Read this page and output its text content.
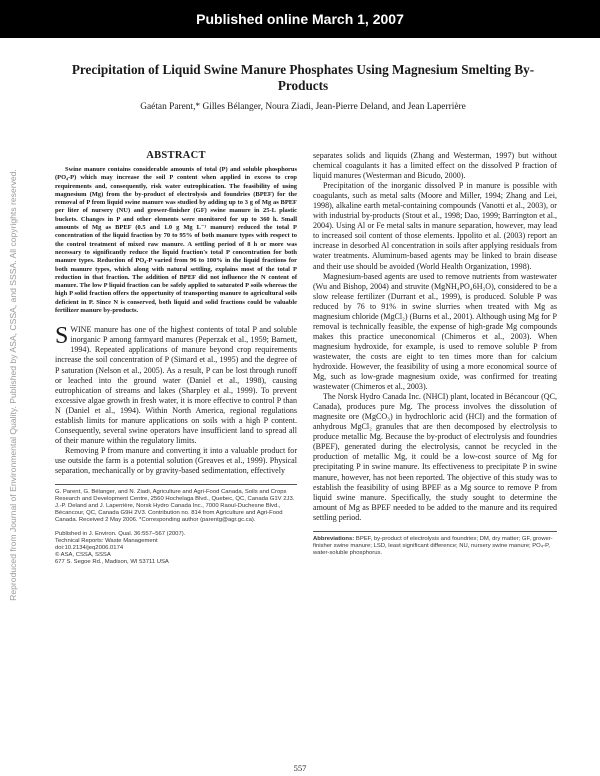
Published online March 1, 2007
Reproduced from Journal of Environmental Quality. Published by ASA, CSSA, and SSSA. All copyrights reserved.
Precipitation of Liquid Swine Manure Phosphates Using Magnesium Smelting By-Products

Gaétan Parent,* Gilles Bélanger, Noura Ziadi, Jean-Pierre Deland, and Jean Laperrière

ABSTRACT

Swine manure contains considerable amounts of total (P) and soluble phosphorus (PO₄-P) which may increase the soil P content when applied in excess to crop requirements and, consequently, risk water eutrophication. The feasibility of using magnesium (Mg) from the by-product of electrolysis and foundries (BPEF) for the removal of P from liquid swine manure was studied by adding up to 3 g of Mg as BPEF per liter of nursery (NU) and grower-finisher (GF) swine manure in 25-L plastic buckets. Changes in P and other elements were monitored for up to 360 h. Small amounts of Mg as BPEF (0.5 and 1.0 g Mg L⁻¹ manure) reduced the total P concentration of the liquid fraction by 70 to 95% of both manure types with respect to the control treatment of mixed raw manure. A settling period of 8 h or more was necessary to significantly reduce the liquid fraction's total P concentration for both manure types. Reduction of PO₄-P varied from 96 to 100% in the liquid fractions for both manure types, which along with natural settling, explains most of the total P reduction in that fraction. The addition of BPEF did not influence the N content of manure. The low P liquid fraction can be safely applied to saturated P soils whereas the high P solid fraction offers the opportunity of transporting manure to agricultural soils deficient in P. Since N is conserved, both liquid and solid fractions could be valuable fertilizer manure by-products.

SWINE manure has one of the highest contents of total P and soluble inorganic P among farmyard manures (Peperzak et al., 1959; Barnett, 1994). Repeated applications of manure beyond crop requirements increase the soil concentration of P (Simard et al., 1995) and the degree of P saturation (Nelson et al., 2005). As a result, P can be lost through runoff or leached into the ground water (Daniel et al., 1998), causing eutrophication of streams and lakes (Sharpley et al., 1999). To prevent excessive algae growth in fresh water, it is more effective to control P than N (Daniel et al., 1994). Within North America, regional regulations establish limits for manure applications on soils with a high P content. Consequently, several swine operators have insufficient land to spread all of their manure within the regulatory limits.

Removing P from manure and converting it into a valuable product for use outside the farm is a potential solution (Greaves et al., 1999). Physical separation, mechanically or by gravity-based sedimentation, effectively

G. Parent, G. Bélanger, and N. Ziadi, Agriculture and Agri-Food Canada, Soils and Crops Research and Development Centre, 2560 Hochelaga Blvd., Quebec, QC, Canada G1V 2J3. J.-P. Deland and J. Laperrière, Norsk Hydro Canada Inc., 7000 Raoul-Duchesne Blvd., Bécancour, QC, Canada G9H 2V3. Contribution no. 814 from Agriculture and Agri-Food Canada. Received 2 May 2006. *Corresponding author (parentg@agr.gc.ca).

Published in J. Environ. Qual. 36:557–567 (2007).
Technical Reports: Waste Management
doi:10.2134/jeq2006.0174
© ASA, CSSA, SSSA
677 S. Segoe Rd., Madison, WI 53711 USA

separates solids and liquids (Zhang and Westerman, 1997) but without chemical coagulants it has a limited effect on the dissolved P fraction of liquid manures (Westerman and Bicudo, 2000).

Precipitation of the inorganic dissolved P in manure is possible with coagulants, such as metal salts (Moore and Miller, 1994; Zhang and Lei, 1998), alkaline earth metal-containing compounds (Vanotti et al., 2003), or with industrial by-products (Stout et al., 1998; Dao, 1999; Barrington et al., 2004). Using Al or Fe metal salts in manure separation, however, may lead to increased soil content of those elements. Ippolito et al. (2003) report an increase in desorbed Al concentration in soils after applying residuals from water treatments. Aluminum-based agents may be linked to brain disease and their use should be avoided (World Health Organization, 1998).

Magnesium-based agents are used to remove nutrients from wastewater (Wu and Bishop, 2004) and struvite (MgNH₄PO₄6H₂O), considered to be a slow release fertilizer (Durrant et al., 1999), is produced. Soluble P was reduced by 76 to 91% in swine slurries when treated with Mg as magnesium chloride (MgCl₂) (Burns et al., 2001). Although using Mg for P removal is technically feasible, the expense of high-grade Mg compounds makes this practice uneconomical (Chimeros et al., 2003). When magnesium hydroxide, for example, is used to remove soluble P from wastewater, the costs are eight to ten times more than for calcium hydroxide. However, the feasibility of using a more economical source of Mg, such as low-grade magnesium oxide, was confirmed for treating wastewater (Chimeros et al., 2003).

The Norsk Hydro Canada Inc. (NHCI) plant, located in Bécancour (QC, Canada), produces pure Mg. The process involves the dissolution of magnesite ore (MgCO₃) in hydrochloric acid (HCl) and the formation of anhydrous MgCl₂ granules that are then decomposed by electrolysis to produce metallic Mg. Because the by-product of electrolysis and foundries (BPEF), generated during the electrolysis, cannot be recycled in the production of metallic Mg, it could be a low-cost source of Mg for precipitating P in swine manure. Its effectiveness to precipitate P in swine manure, however, has not been reported. The objective of this study was to establish the feasibility of using BPEF as a Mg source to remove P from liquid swine manure. Specifically, the study sought to determine the amount of Mg as BPEF needed to be added to the manure and its required settling period.

Abbreviations: BPEF, by-product of electrolysis and foundries; DM, dry matter; GF, grower-finisher swine manure; LSD, least significant difference; NU, nursery swine manure; PO₄-P, water-soluble phosphorus.

557
